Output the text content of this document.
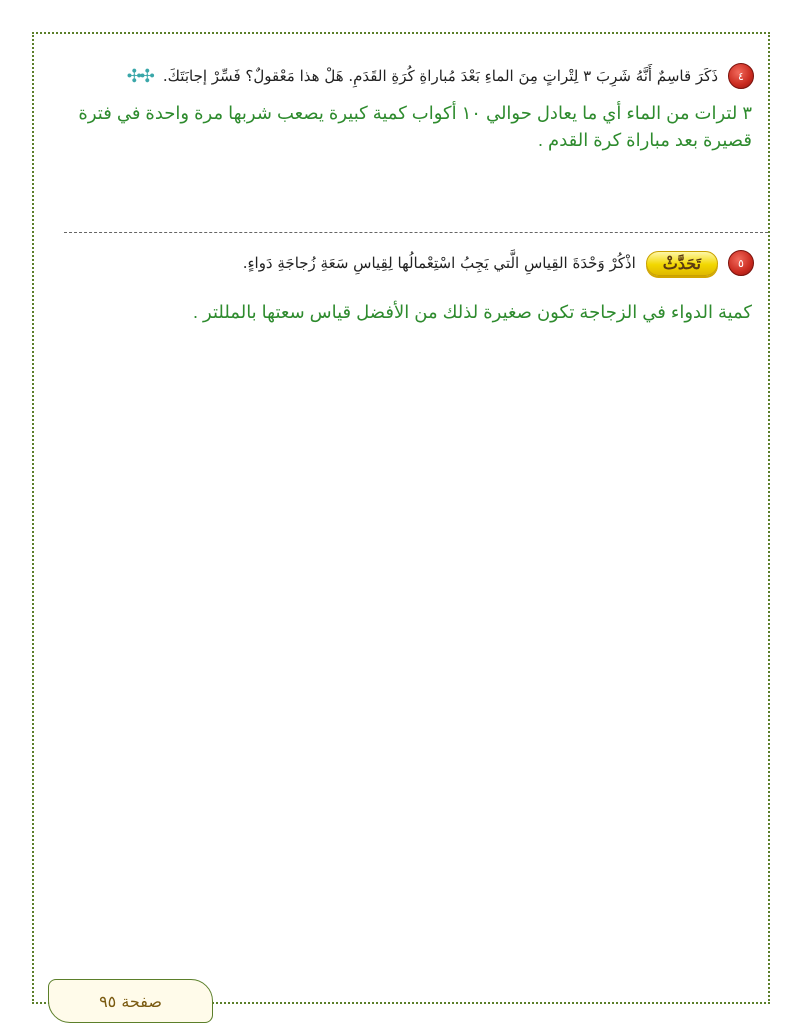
٤
ذَكَرَ قاسِمٌ أَنَّهُ شَرِبَ ٣ لِتْراتٍ مِنَ الماءِ بَعْدَ مُباراةِ كُرَةِ القَدَمِ. هَلْ هذا مَعْقولٌ؟ فَسِّرْ إجابَتَكَ.
✣✣
٣ لترات من الماء أي ما يعادل حوالي ١٠ أكواب كمية كبيرة يصعب شربها مرة واحدة في فترة قصيرة بعد مباراة كرة القدم .
٥
تَحَدَّثْ
اذْكُرْ وَحْدَةَ القِياسِ الَّتي يَجِبُ اسْتِعْمالُها لِقِياسِ سَعَةِ زُجاجَةِ دَواءٍ.
كمية الدواء في الزجاجة تكون صغيرة لذلك من الأفضل قياس سعتها بالمللتر .
صفحة ٩٥
